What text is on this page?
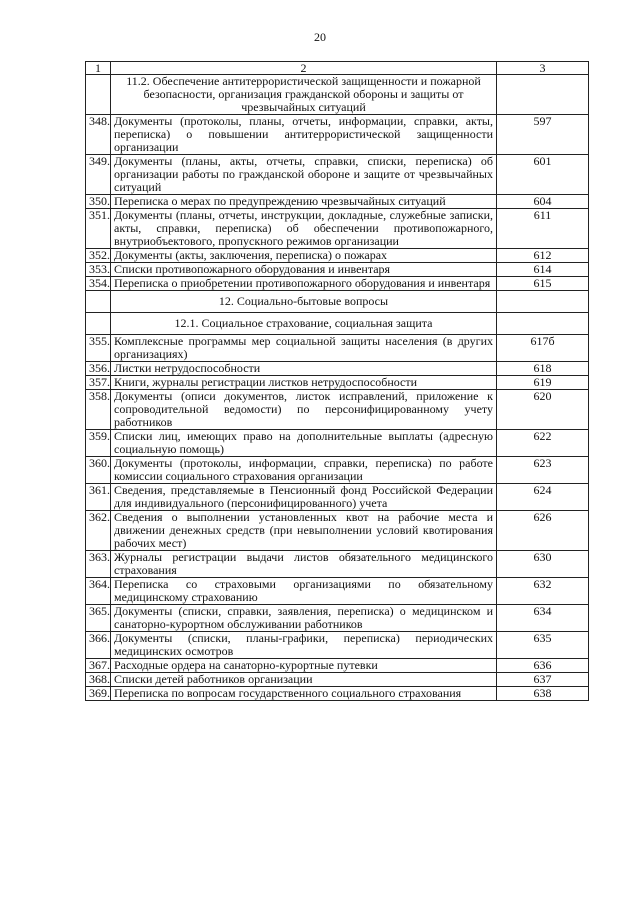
20
1	2	3
	11.2. Обеспечение антитеррористической защищенности и пожарной безопасности, организация гражданской обороны и защиты от чрезвычайных ситуаций	
348.	Документы (протоколы, планы, отчеты, информации, справки, акты, переписка) о повышении антитеррористической защищенности организации	597
349.	Документы (планы, акты, отчеты, справки, списки, переписка) об организации работы по гражданской обороне и защите от чрезвычайных ситуаций	601
350.	Переписка о мерах по предупреждению чрезвычайных ситуаций	604
351.	Документы (планы, отчеты, инструкции, докладные, служебные записки, акты, справки, переписка) об обеспечении противопожарного, внутриобъектового, пропускного режимов организации	611
352.	Документы (акты, заключения, переписка) о пожарах	612
353.	Списки противопожарного оборудования и инвентаря	614
354.	Переписка о приобретении противопожарного оборудования и инвентаря	615
	12. Социально-бытовые вопросы	
	12.1. Социальное страхование, социальная защита	
355.	Комплексные программы мер социальной защиты населения (в других организациях)	617б
356.	Листки нетрудоспособности	618
357.	Книги, журналы регистрации листков нетрудоспособности	619
358.	Документы (описи документов, листок исправлений, приложение к сопроводительной ведомости) по персонифицированному учету работников	620
359.	Списки лиц, имеющих право на дополнительные выплаты (адресную социальную помощь)	622
360.	Документы (протоколы, информации, справки, переписка) по работе комиссии социального страхования организации	623
361.	Сведения, представляемые в Пенсионный фонд Российской Федерации для индивидуального (персонифицированного) учета	624
362.	Сведения о выполнении установленных квот на рабочие места и движении денежных средств (при невыполнении условий квотирования рабочих мест)	626
363.	Журналы регистрации выдачи листов обязательного медицинского страхования	630
364.	Переписка со страховыми организациями по обязательному медицинскому страхованию	632
365.	Документы (списки, справки, заявления, переписка) о медицинском и санаторно-курортном обслуживании работников	634
366.	Документы (списки, планы-графики, переписка) периодических медицинских осмотров	635
367.	Расходные ордера на санаторно-курортные путевки	636
368.	Списки детей работников организации	637
369.	Переписка по вопросам государственного социального страхования	638
